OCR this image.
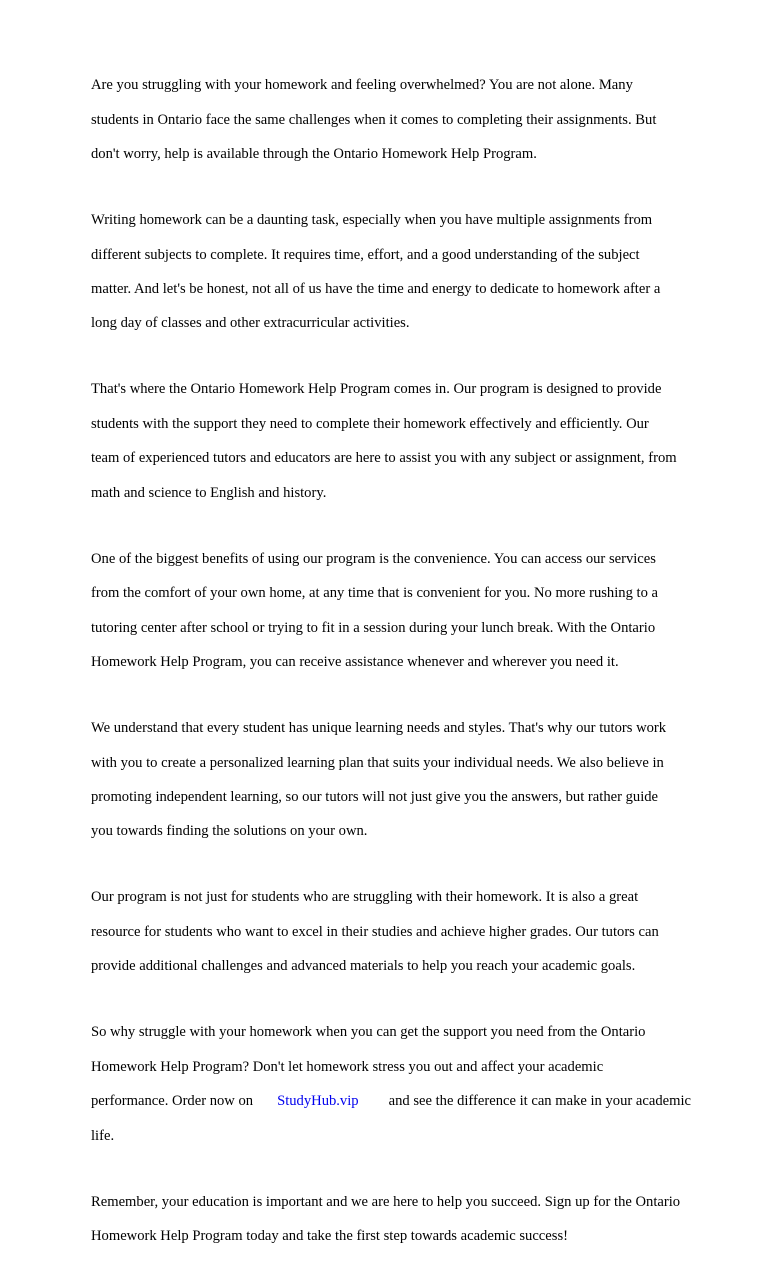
Are you struggling with your homework and feeling overwhelmed? You are not alone. Many

students in Ontario face the same challenges when it comes to completing their assignments. But

don't worry, help is available through the Ontario Homework Help Program.

Writing homework can be a daunting task, especially when you have multiple assignments from

different subjects to complete. It requires time, effort, and a good understanding of the subject

matter. And let's be honest, not all of us have the time and energy to dedicate to homework after a

long day of classes and other extracurricular activities.

That's where the Ontario Homework Help Program comes in. Our program is designed to provide

students with the support they need to complete their homework effectively and efficiently. Our

team of experienced tutors and educators are here to assist you with any subject or assignment, from

math and science to English and history.

One of the biggest benefits of using our program is the convenience. You can access our services

from the comfort of your own home, at any time that is convenient for you. No more rushing to a

tutoring center after school or trying to fit in a session during your lunch break. With the Ontario

Homework Help Program, you can receive assistance whenever and wherever you need it.

We understand that every student has unique learning needs and styles. That's why our tutors work

with you to create a personalized learning plan that suits your individual needs. We also believe in

promoting independent learning, so our tutors will not just give you the answers, but rather guide

you towards finding the solutions on your own.

Our program is not just for students who are struggling with their homework. It is also a great

resource for students who want to excel in their studies and achieve higher grades. Our tutors can

provide additional challenges and advanced materials to help you reach your academic goals.

So why struggle with your homework when you can get the support you need from the Ontario

Homework Help Program? Don't let homework stress you out and affect your academic

performance. Order now on StudyHub.vip and see the difference it can make in your academic

life.

Remember, your education is important and we are here to help you succeed. Sign up for the Ontario

Homework Help Program today and take the first step towards academic success!
